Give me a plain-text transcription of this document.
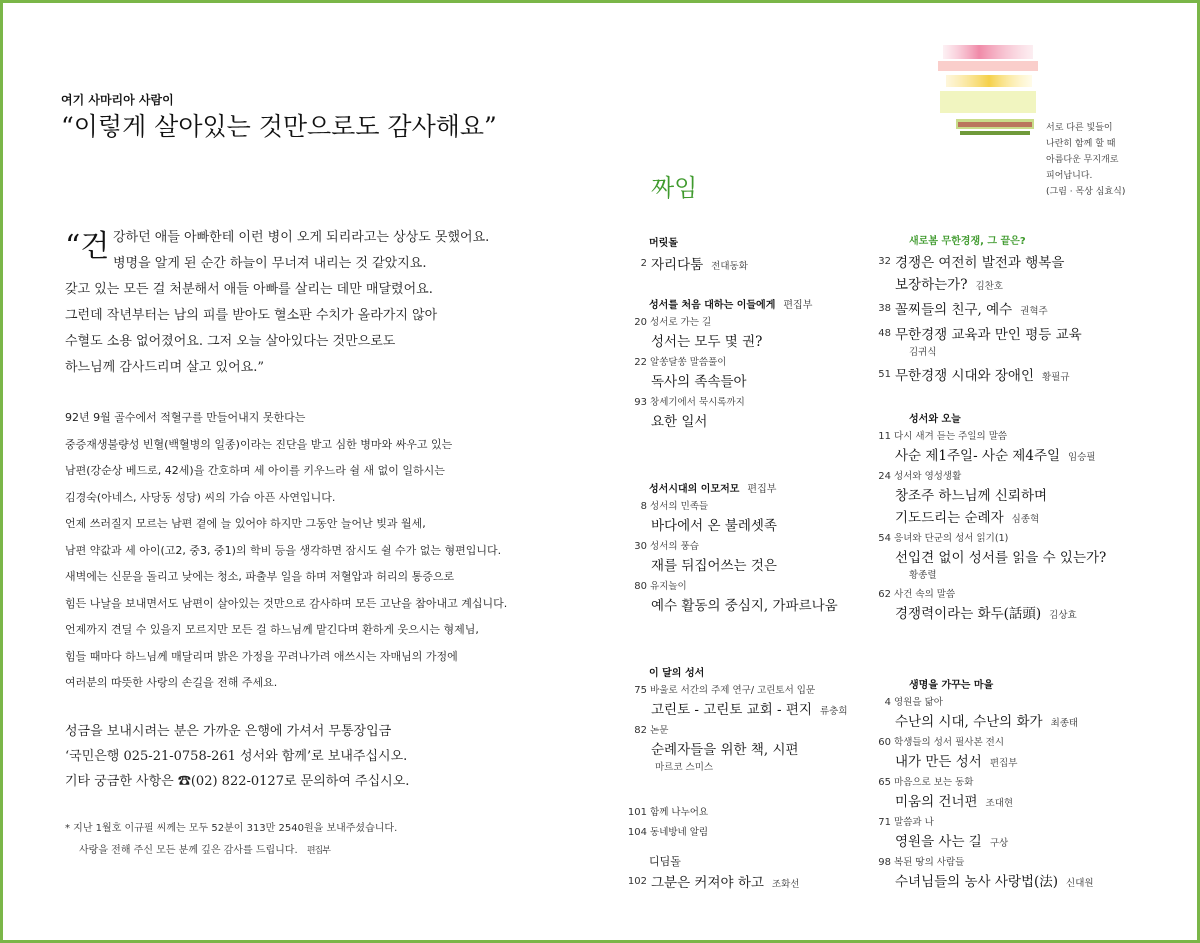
여기 사마리아 사람이
“이렇게 살아있는 것만으로도 감사해요”
“건 강하던 애들 아빠한테 이런 병이 오게 되리라고는 상상도 못했어요.
병명을 알게 된 순간 하늘이 무너져 내리는 것 같았지요.
갖고 있는 모든 걸 처분해서 애들 아빠를 살리는 데만 매달렸어요.
그런데 작년부터는 남의 피를 받아도 혈소판 수치가 올라가지 않아
수혈도 소용 없어졌어요. 그저 오늘 살아있다는 것만으로도
하느님께 감사드리며 살고 있어요.”
92년 9월 골수에서 적혈구를 만들어내지 못한다는
중증재생불량성 빈혈(백혈병의 일종)이라는 진단을 받고 심한 병마와 싸우고 있는
남편(강순상 베드로, 42세)을 간호하며 세 아이를 키우느라 쉴 새 없이 일하시는
김경숙(아네스, 사당동 성당) 씨의 가슴 아픈 사연입니다.
언제 쓰러질지 모르는 남편 곁에 늘 있어야 하지만 그동안 늘어난 빚과 월세,
남편 약값과 세 아이(고2, 중3, 중1)의 학비 등을 생각하면 잠시도 쉴 수가 없는 형편입니다.
새벽에는 신문을 돌리고 낮에는 청소, 파출부 일을 하며 저혈압과 허리의 통증으로
힘든 나날을 보내면서도 남편이 살아있는 것만으로 감사하며 모든 고난을 참아내고 계십니다.
언제까지 견딜 수 있을지 모르지만 모든 걸 하느님께 맡긴다며 환하게 웃으시는 형제님,
힘들 때마다 하느님께 매달리며 밝은 가정을 꾸려나가려 애쓰시는 자매님의 가정에
여러분의 따뜻한 사랑의 손길을 전해 주세요.
성금을 보내시려는 분은 가까운 은행에 가셔서 무통장입금
‘국민은행 025-21-0758-261 성서와 함께’로 보내주십시오.
기타 궁금한 사항은 ☎(02) 822-0127로 문의하여 주십시오.
* 지난 1월호 이규필 씨께는 모두 52분이 313만 2540원을 보내주셨습니다.
사랑을 전해 주신 모든 분께 깊은 감사를 드립니다. 편집부
서로 다른 빛들이
나란히 함께 할 때
아름다운 무지개로
피어납니다.
(그림 · 목상 심효식)
짜임
머릿돌
2 자리다툼 전대동화
성서를 처음 대하는 이들에게 편집부
20 성서로 가는 길
성서는 모두 몇 권?
22 알쏭달쏭 말씀풀이
독사의 족속들아
93 창세기에서 묵시록까지
요한 일서
성서시대의 이모저모 편집부
8 성서의 민족들
바다에서 온 불레셋족
30 성서의 풍습
재를 뒤집어쓰는 것은
80 유지놀이
예수 활동의 중심지, 가파르나움
이 달의 성서
75 바울로 서간의 주제 연구/ 고린토서 입문
고린토 - 고린토 교회 - 편지 류충희
82 논문
순례자들을 위한 책, 시편
마르코 스미스
101 함께 나누어요
104 동네방네 알림
디딤돌
102 그분은 커져야 하고 조화선
새로봄 무한경쟁, 그 끝은?
32 경쟁은 여전히 발전과 행복을
보장하는가? 김찬호
38 꼴찌들의 친구, 예수 권혁주
48 무한경쟁 교육과 만인 평등 교육
김귀식
51 무한경쟁 시대와 장애인 황필규
성서와 오늘
11 다시 새겨 듣는 주일의 말씀
사순 제1주일- 사순 제4주일 임승필
24 성서와 영성생활
창조주 하느님께 신뢰하며
기도드리는 순례자 심종혁
54 응녀와 단군의 성서 읽기(1)
선입견 없이 성서를 읽을 수 있는가?
황종렬
62 사건 속의 말씀
경쟁력이라는 화두(話頭) 김상효
생명을 가꾸는 마을
4 영원을 닮아
수난의 시대, 수난의 화가 최종태
60 학생들의 성서 필사본 전시
내가 만든 성서 편집부
65 마음으로 보는 동화
미움의 건너편 조대현
71 말씀과 나
영원을 사는 길 구상
98 복된 땅의 사람들
수녀님들의 농사 사랑법(法) 신대원
